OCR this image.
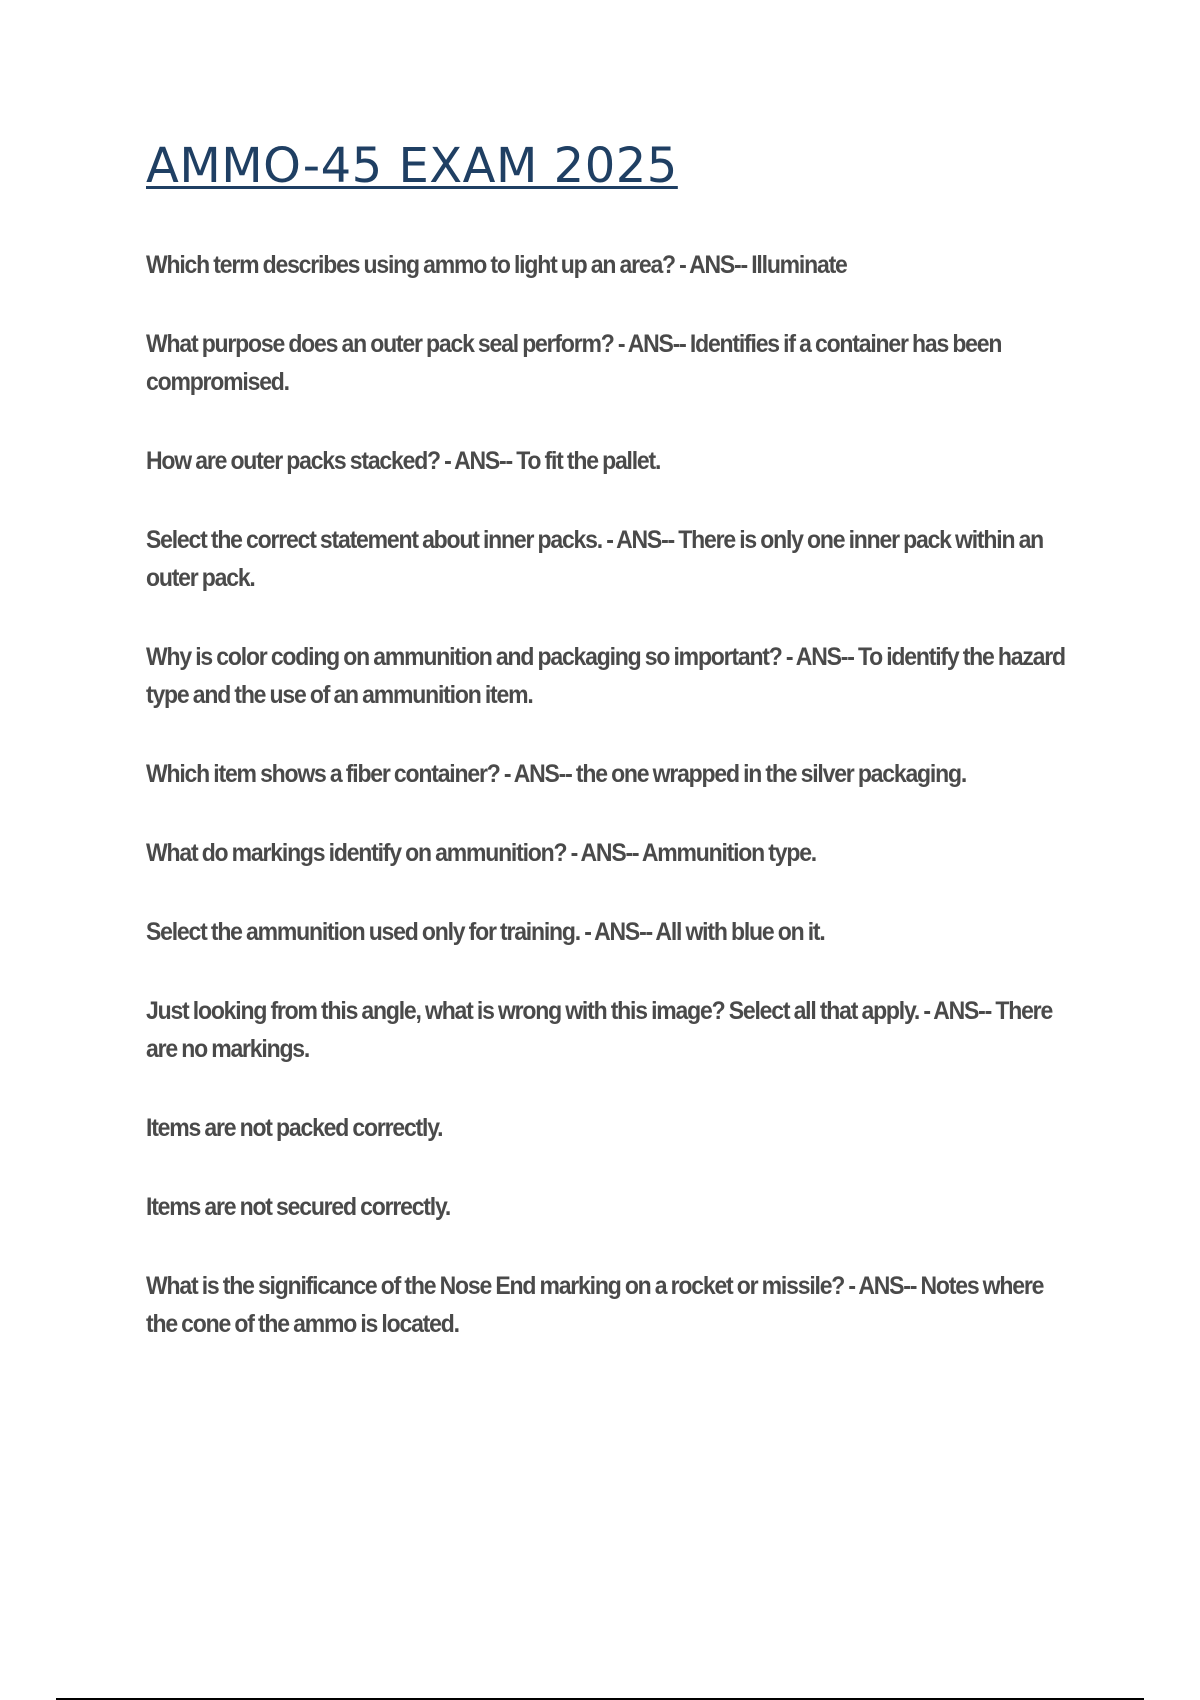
AMMO-45 EXAM 2025

Which term describes using ammo to light up an area? - ANS-- Illuminate

What purpose does an outer pack seal perform? - ANS-- Identifies if a container has been compromised.

How are outer packs stacked? - ANS-- To fit the pallet.

Select the correct statement about inner packs. - ANS-- There is only one inner pack within an outer pack.

Why is color coding on ammunition and packaging so important? - ANS-- To identify the hazard type and the use of an ammunition item.

Which item shows a fiber container? - ANS-- the one wrapped in the silver packaging.

What do markings identify on ammunition? - ANS-- Ammunition type.

Select the ammunition used only for training. - ANS-- All with blue on it.

Just looking from this angle, what is wrong with this image? Select all that apply. - ANS-- There are no markings.

Items are not packed correctly.

Items are not secured correctly.

What is the significance of the Nose End marking on a rocket or missile? - ANS-- Notes where the cone of the ammo is located.
